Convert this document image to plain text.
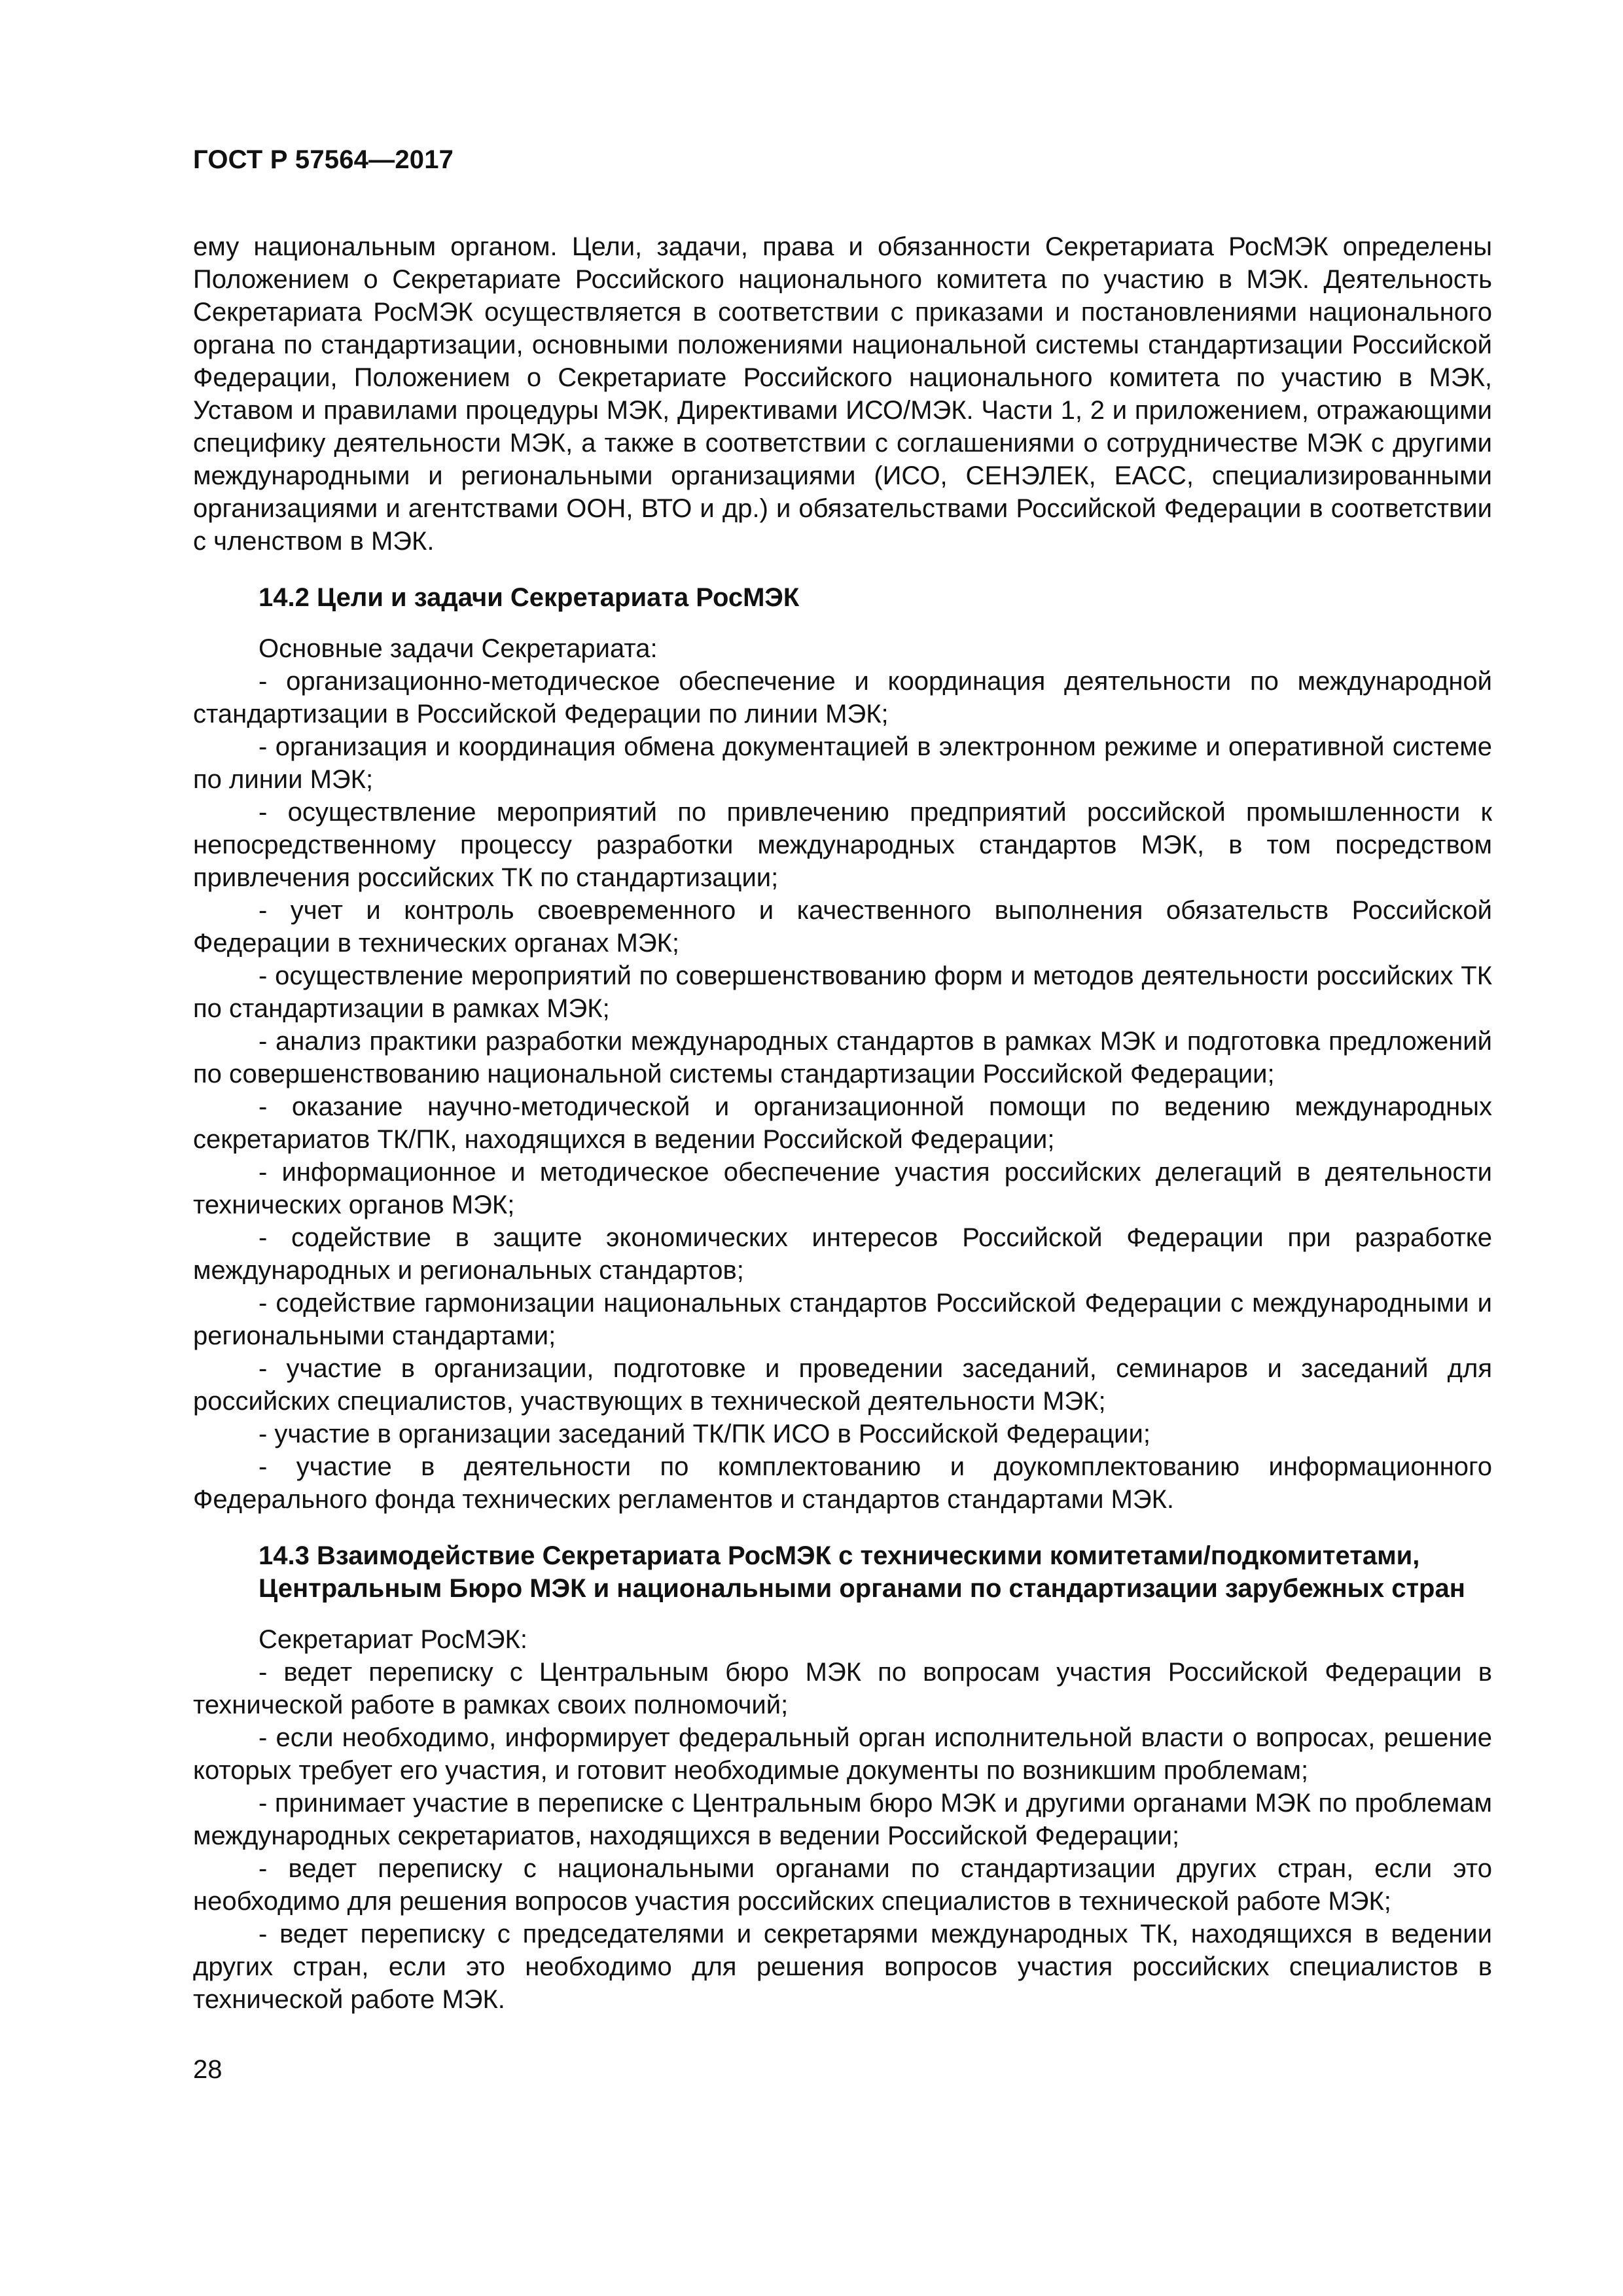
ГОСТ Р 57564—2017

ему национальным органом. Цели, задачи, права и обязанности Секретариата РосМЭК определены Положением о Секретариате Российского национального комитета по участию в МЭК. Деятельность Секретариата РосМЭК осуществляется в соответствии с приказами и постановлениями национального органа по стандартизации, основными положениями национальной системы стандартизации Российской Федерации, Положением о Секретариате Российского национального комитета по участию в МЭК, Уставом и правилами процедуры МЭК, Директивами ИСО/МЭК. Части 1, 2 и приложением, отражающими специфику деятельности МЭК, а также в соответствии с соглашениями о сотрудничестве МЭК с другими международными и региональными организациями (ИСО, СЕНЭЛЕК, ЕАСС, специализированными организациями и агентствами ООН, ВТО и др.) и обязательствами Российской Федерации в соответствии с членством в МЭК.

14.2 Цели и задачи Секретариата РосМЭК

Основные задачи Секретариата:

- организационно-методическое обеспечение и координация деятельности по международной стандартизации в Российской Федерации по линии МЭК;
- организация и координация обмена документацией в электронном режиме и оперативной системе по линии МЭК;
- осуществление мероприятий по привлечению предприятий российской промышленности к непосредственному процессу разработки международных стандартов МЭК, в том посредством привлечения российских ТК по стандартизации;
- учет и контроль своевременного и качественного выполнения обязательств Российской Федерации в технических органах МЭК;
- осуществление мероприятий по совершенствованию форм и методов деятельности российских ТК по стандартизации в рамках МЭК;
- анализ практики разработки международных стандартов в рамках МЭК и подготовка предложений по совершенствованию национальной системы стандартизации Российской Федерации;
- оказание научно-методической и организационной помощи по ведению международных секретариатов ТК/ПК, находящихся в ведении Российской Федерации;
- информационное и методическое обеспечение участия российских делегаций в деятельности технических органов МЭК;
- содействие в защите экономических интересов Российской Федерации при разработке международных и региональных стандартов;
- содействие гармонизации национальных стандартов Российской Федерации с международными и региональными стандартами;
- участие в организации, подготовке и проведении заседаний, семинаров и заседаний для российских специалистов, участвующих в технической деятельности МЭК;
- участие в организации заседаний ТК/ПК ИСО в Российской Федерации;
- участие в деятельности по комплектованию и доукомплектованию информационного Федерального фонда технических регламентов и стандартов стандартами МЭК.
14.3 Взаимодействие Секретариата РосМЭК с техническими комитетами/подкомитетами, Центральным Бюро МЭК и национальными органами по стандартизации зарубежных стран

Секретариат РосМЭК:

- ведет переписку с Центральным бюро МЭК по вопросам участия Российской Федерации в технической работе в рамках своих полномочий;
- если необходимо, информирует федеральный орган исполнительной власти о вопросах, решение которых требует его участия, и готовит необходимые документы по возникшим проблемам;
- принимает участие в переписке с Центральным бюро МЭК и другими органами МЭК по проблемам международных секретариатов, находящихся в ведении Российской Федерации;
- ведет переписку с национальными органами по стандартизации других стран, если это необходимо для решения вопросов участия российских специалистов в технической работе МЭК;
- ведет переписку с председателями и секретарями международных ТК, находящихся в ведении других стран, если это необходимо для решения вопросов участия российских специалистов в технической работе МЭК.
28
